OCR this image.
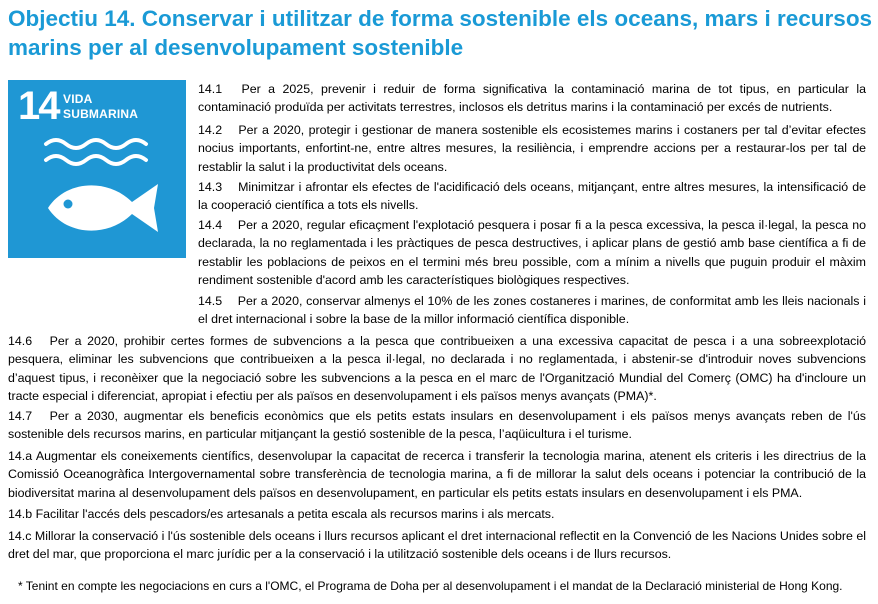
Objectiu 14. Conservar i utilitzar de forma sostenible els oceans, mars i recursos marins per al desenvolupament sostenible
14 VIDA
SUBMARINA

14.1 Per a 2025, prevenir i reduir de forma significativa la contaminació marina de tot tipus, en particular la contaminació produïda per activitats terrestres, inclosos els detritus marins i la contaminació per excés de nutrients.

14.2 Per a 2020, protegir i gestionar de manera sostenible els ecosistemes marins i costaners per tal d’evitar efectes nocius importants, enfortint-ne, entre altres mesures, la resiliència, i emprendre accions per a restaurar-los per tal de restablir la salut i la productivitat dels oceans.

14.3 Minimitzar i afrontar els efectes de l'acidificació dels oceans, mitjançant, entre altres mesures, la intensificació de la cooperació científica a tots els nivells.

14.4 Per a 2020, regular eficaçment l'explotació pesquera i posar fi a la pesca excessiva, la pesca il·legal, la pesca no declarada, la no reglamentada i les pràctiques de pesca destructives, i aplicar plans de gestió amb base científica a fi de restablir les poblacions de peixos en el termini més breu possible, com a mínim a nivells que puguin produir el màxim rendiment sostenible d'acord amb les característiques biològiques respectives.

14.5 Per a 2020, conservar almenys el 10% de les zones costaneres i marines, de conformitat amb les lleis nacionals i el dret internacional i sobre la base de la millor informació científica disponible.

14.6 Per a 2020, prohibir certes formes de subvencions a la pesca que contribueixen a una excessiva capacitat de pesca i a una sobreexplotació pesquera, eliminar les subvencions que contribueixen a la pesca il·legal, no declarada i no reglamentada, i abstenir-se d'introduir noves subvencions d’aquest tipus, i reconèixer que la negociació sobre les subvencions a la pesca en el marc de l'Organització Mundial del Comerç (OMC) ha d'incloure un tracte especial i diferenciat, apropiat i efectiu per als països en desenvolupament i els països menys avançats (PMA)*.

14.7 Per a 2030, augmentar els beneficis econòmics que els petits estats insulars en desenvolupament i els països menys avançats reben de l'ús sostenible dels recursos marins, en particular mitjançant la gestió sostenible de la pesca, l’aqüicultura i el turisme.

14.a Augmentar els coneixements científics, desenvolupar la capacitat de recerca i transferir la tecnologia marina, atenent els criteris i les directrius de la Comissió Oceanogràfica Intergovernamental sobre transferència de tecnologia marina, a fi de millorar la salut dels oceans i potenciar la contribució de la biodiversitat marina al desenvolupament dels països en desenvolupament, en particular els petits estats insulars en desenvolupament i els PMA.

14.b Facilitar l'accés dels pescadors/es artesanals a petita escala als recursos marins i als mercats.

14.c Millorar la conservació i l'ús sostenible dels oceans i llurs recursos aplicant el dret internacional reflectit en la Convenció de les Nacions Unides sobre el dret del mar, que proporciona el marc jurídic per a la conservació i la utilització sostenible dels oceans i de llurs recursos.

* Tenint en compte les negociacions en curs a l'OMC, el Programa de Doha per al desenvolupament i el mandat de la Declaració ministerial de Hong Kong.
